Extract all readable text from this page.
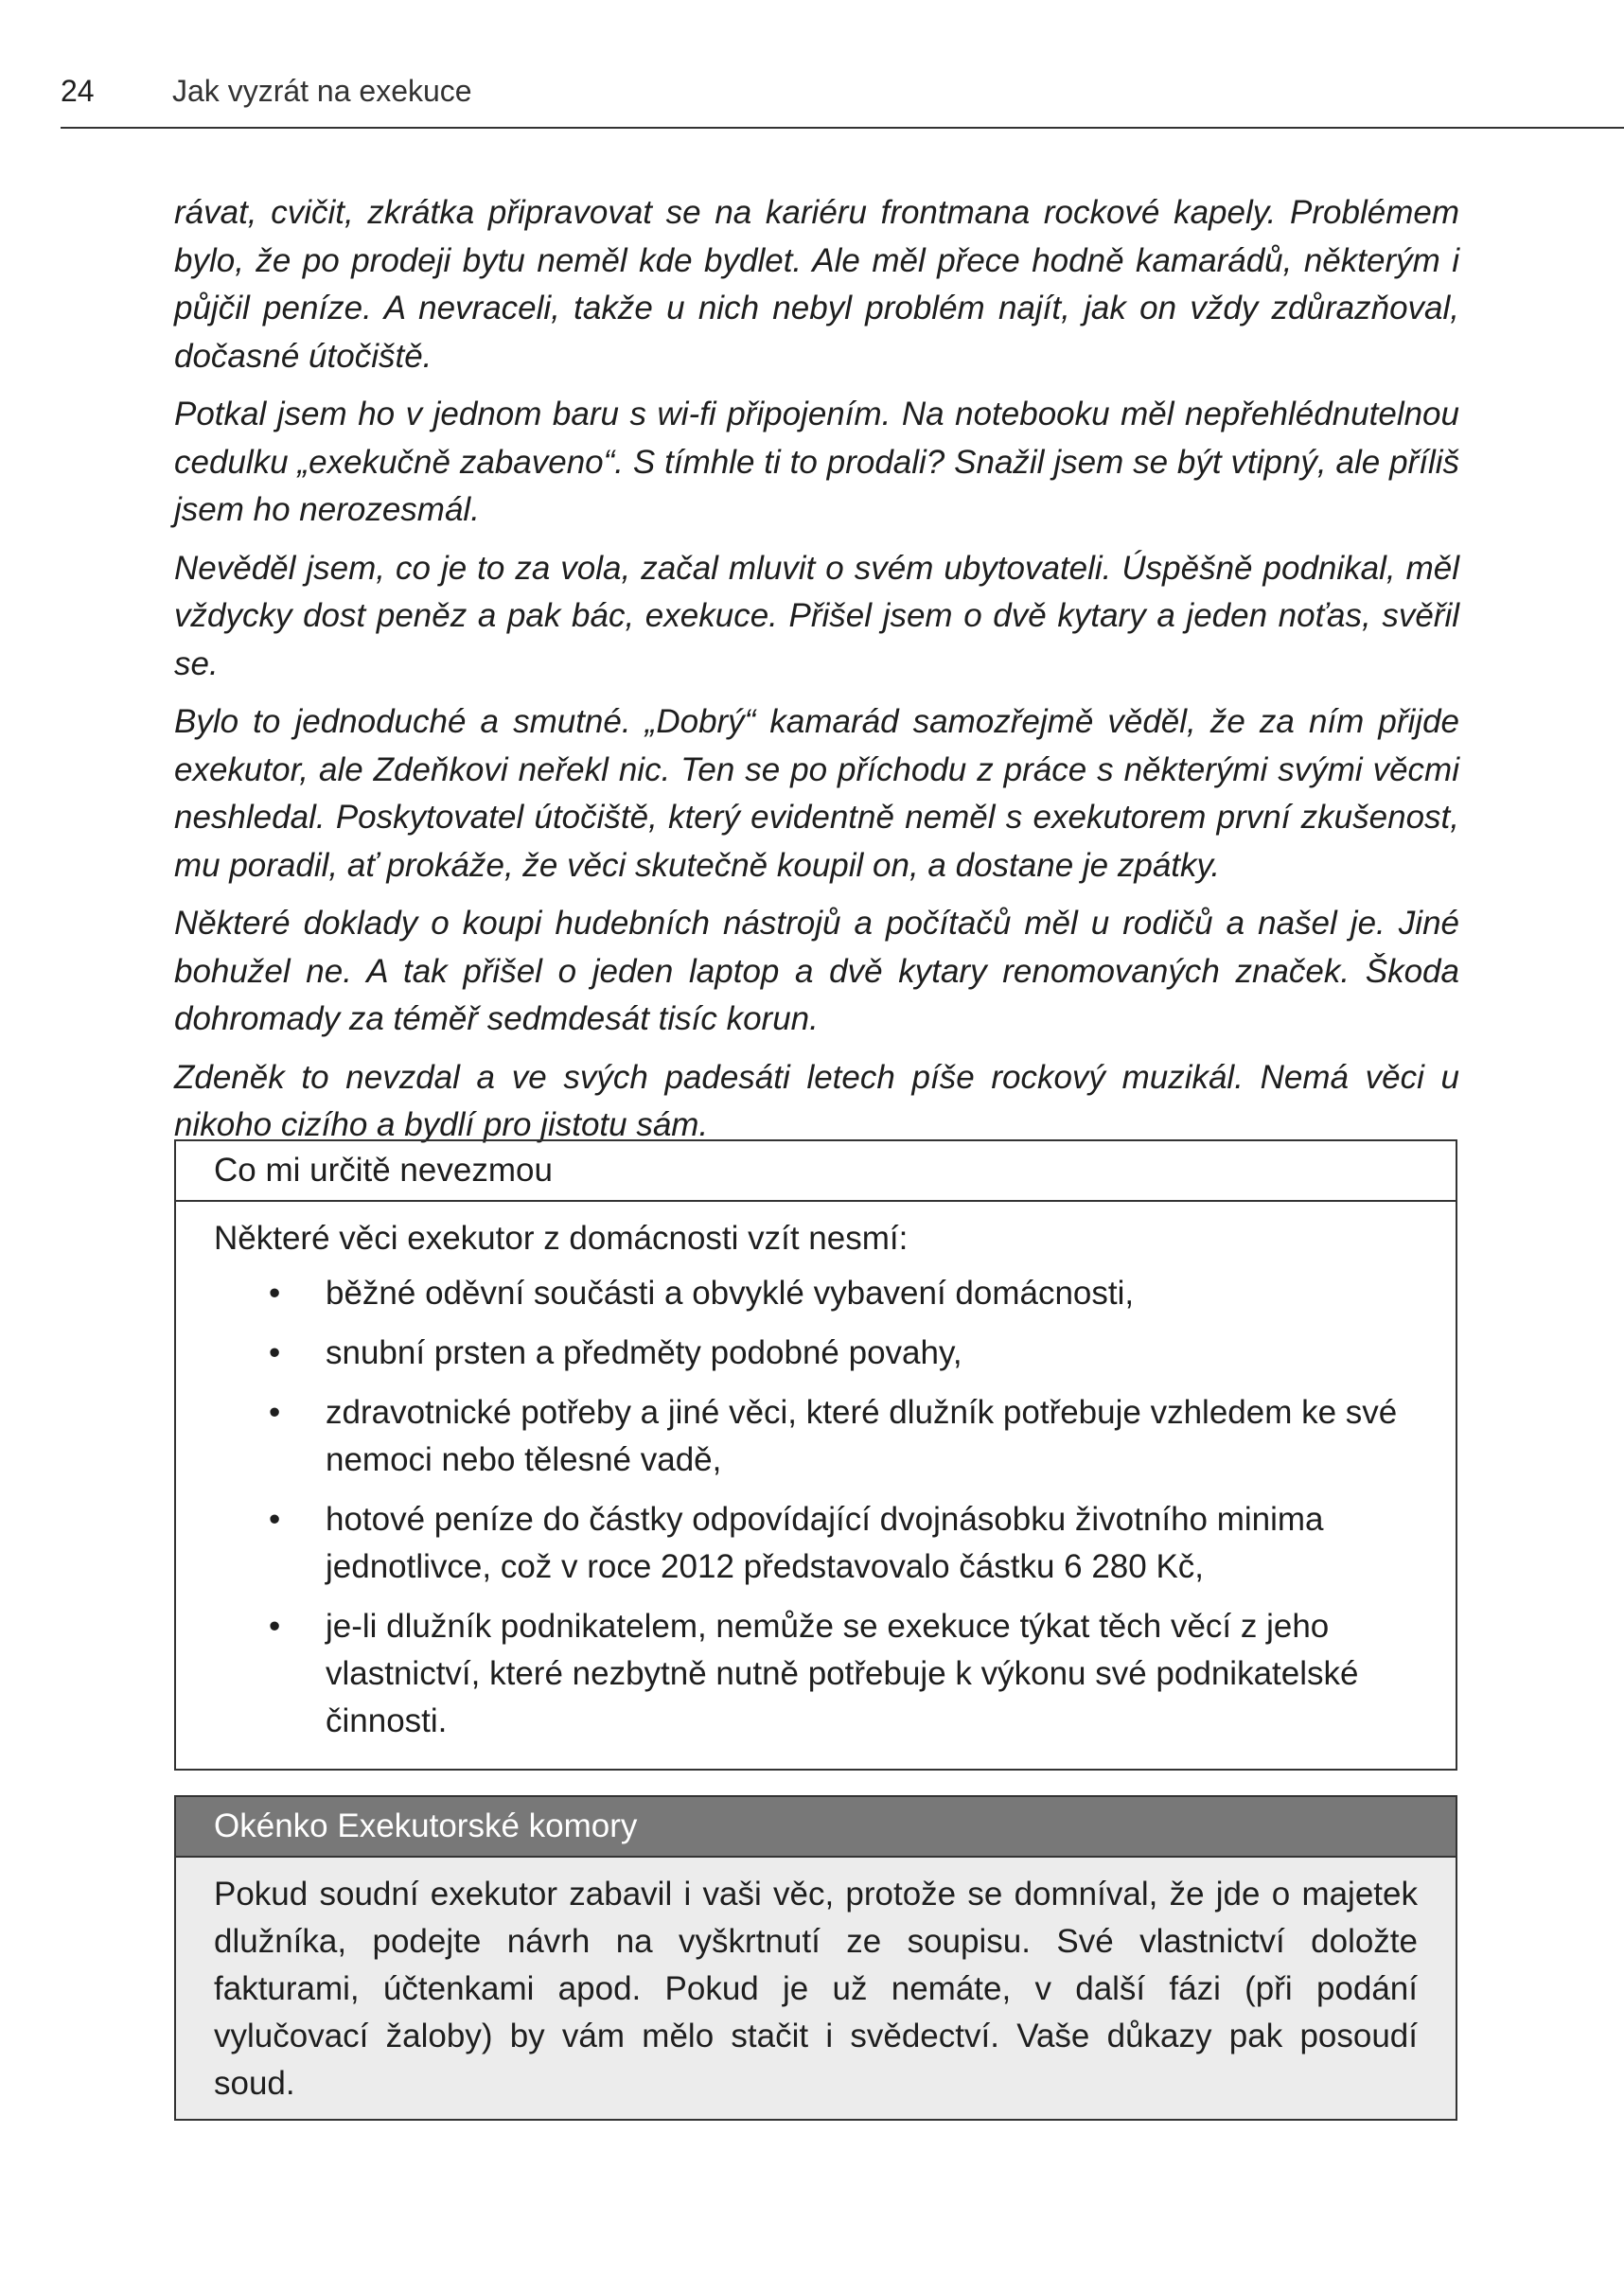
24	Jak vyzrát na exekuce

rávat, cvičit, zkrátka připravovat se na kariéru frontmana rockové kapely. Problémem bylo, že po prodeji bytu neměl kde bydlet. Ale měl přece hodně kamarádů, některým i půjčil peníze. A nevraceli, takže u nich nebyl problém najít, jak on vždy zdůrazňoval, dočasné útočiště.

Potkal jsem ho v jednom baru s wi-fi připojením. Na notebooku měl nepřehlédnutelnou cedulku „exekučně zabaveno“. S tímhle ti to prodali? Snažil jsem se být vtipný, ale příliš jsem ho nerozesmál.

Nevěděl jsem, co je to za vola, začal mluvit o svém ubytovateli. Úspěšně podnikal, měl vždycky dost peněz a pak bác, exekuce. Přišel jsem o dvě kytary a jeden noťas, svěřil se.

Bylo to jednoduché a smutné. „Dobrý“ kamarád samozřejmě věděl, že za ním přijde exekutor, ale Zdeňkovi neřekl nic. Ten se po příchodu z práce s některými svými věcmi neshledal. Poskytovatel útočiště, který evidentně neměl s exekutorem první zkušenost, mu poradil, ať prokáže, že věci skutečně koupil on, a dostane je zpátky.

Některé doklady o koupi hudebních nástrojů a počítačů měl u rodičů a našel je. Jiné bohužel ne. A tak přišel o jeden laptop a dvě kytary renomovaných značek. Škoda dohromady za téměř sedmdesát tisíc korun.

Zdeněk to nevzdal a ve svých padesáti letech píše rockový muzikál. Nemá věci u nikoho cizího a bydlí pro jistotu sám.

Co mi určitě nevezmou

Některé věci exekutor z domácnosti vzít nesmí:

• běžné oděvní součásti a obvyklé vybavení domácnosti,
• snubní prsten a předměty podobné povahy,
• zdravotnické potřeby a jiné věci, které dlužník potřebuje vzhledem ke své nemoci nebo tělesné vadě,
• hotové peníze do částky odpovídající dvojnásobku životního minima jednotlivce, což v roce 2012 představovalo částku 6 280 Kč,
• je-li dlužník podnikatelem, nemůže se exekuce týkat těch věcí z jeho vlastnictví, které nezbytně nutně potřebuje k výkonu své podnikatelské činnosti.
Okénko Exekutorské komory
Pokud soudní exekutor zabavil i vaši věc, protože se domníval, že jde o majetek dlužníka, podejte návrh na vyškrtnutí ze soupisu. Své vlastnictví doložte fakturami, účtenkami apod. Pokud je už nemáte, v další fázi (při podání vylučovací žaloby) by vám mělo stačit i svědectví. Vaše důkazy pak posoudí soud.
